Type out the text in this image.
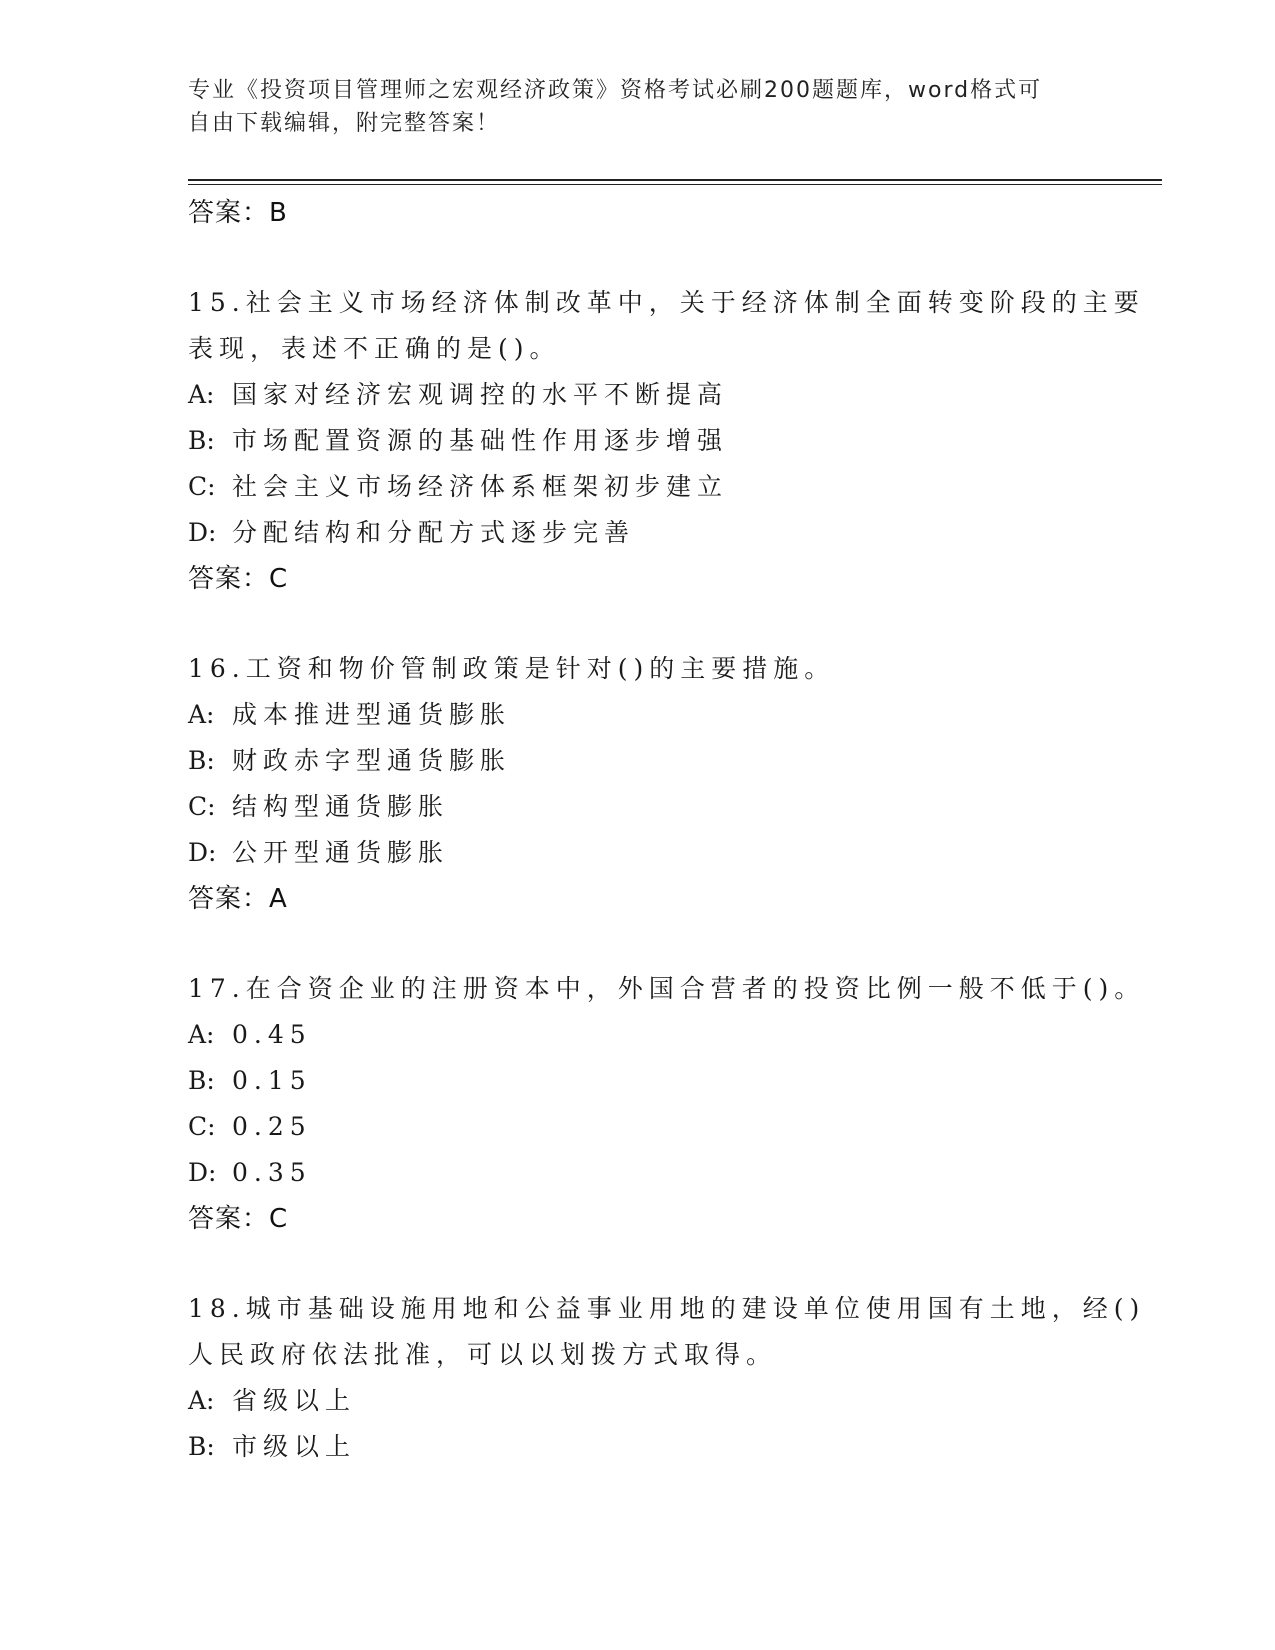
专业《投资项目管理师之宏观经济政策》资格考试必刷200题题库，word格式可
自由下载编辑，附完整答案！
答案：B
15.社会主义市场经济体制改革中，关于经济体制全面转变阶段的主要
表现，表述不正确的是()。
A: 国家对经济宏观调控的水平不断提高
B: 市场配置资源的基础性作用逐步增强
C: 社会主义市场经济体系框架初步建立
D: 分配结构和分配方式逐步完善
答案：C
16.工资和物价管制政策是针对()的主要措施。
A: 成本推进型通货膨胀
B: 财政赤字型通货膨胀
C: 结构型通货膨胀
D: 公开型通货膨胀
答案：A
17.在合资企业的注册资本中，外国合营者的投资比例一般不低于()。
A: 0.45
B: 0.15
C: 0.25
D: 0.35
答案：C
18.城市基础设施用地和公益事业用地的建设单位使用国有土地，经()
人民政府依法批准，可以以划拨方式取得。
A: 省级以上
B: 市级以上
